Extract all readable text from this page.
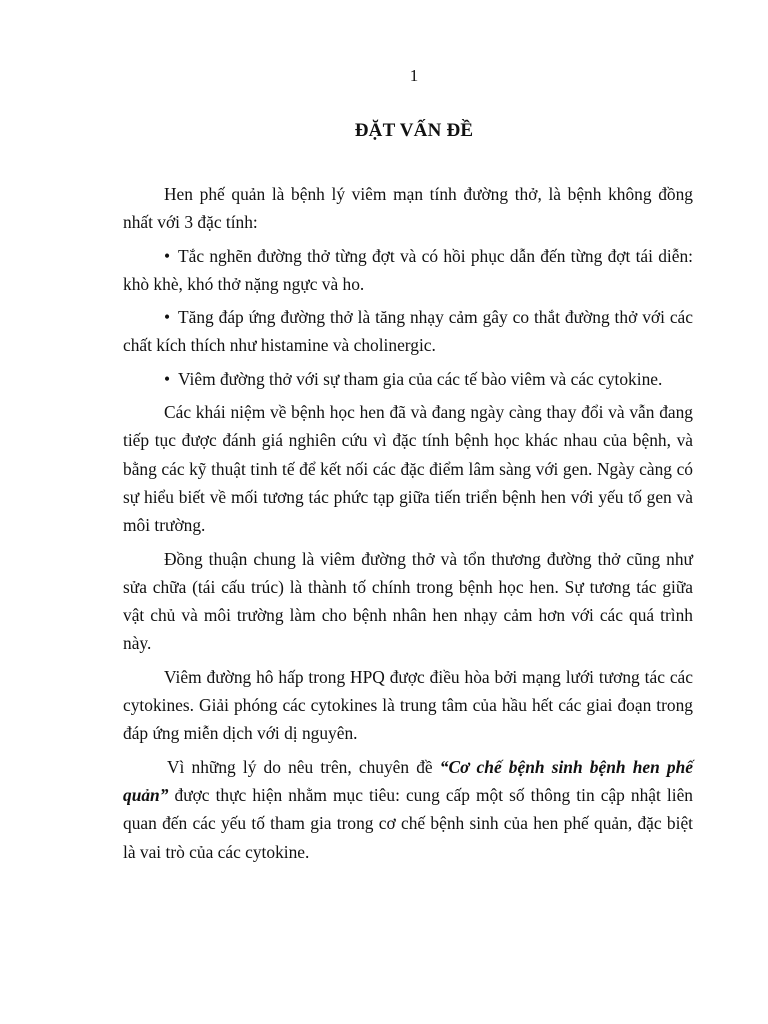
1
ĐẶT VẤN ĐỀ

Hen phế quản là bệnh lý viêm mạn tính đường thở, là bệnh không đồng nhất với 3 đặc tính:

• Tắc nghẽn đường thở từng đợt và có hồi phục dẫn đến từng đợt tái diễn: khò khè, khó thở nặng ngực và ho.

• Tăng đáp ứng đường thở là tăng nhạy cảm gây co thắt đường thở với các chất kích thích như histamine và cholinergic.

• Viêm đường thở với sự tham gia của các tế bào viêm và các cytokine.

Các khái niệm về bệnh học hen đã và đang ngày càng thay đổi và vẫn đang tiếp tục được đánh giá nghiên cứu vì đặc tính bệnh học khác nhau của bệnh, và bằng các kỹ thuật tinh tế để kết nối các đặc điểm lâm sàng với gen. Ngày càng có sự hiểu biết về mối tương tác phức tạp giữa tiến triển bệnh hen với yếu tố gen và môi trường.

Đồng thuận chung là viêm đường thở và tổn thương đường thở cũng như sửa chữa (tái cấu trúc) là thành tố chính trong bệnh học hen. Sự tương tác giữa vật chủ và môi trường làm cho bệnh nhân hen nhạy cảm hơn với các quá trình này.

Viêm đường hô hấp trong HPQ được điều hòa bởi mạng lưới tương tác các cytokines. Giải phóng các cytokines là trung tâm của hầu hết các giai đoạn trong đáp ứng miễn dịch với dị nguyên.

Vì những lý do nêu trên, chuyên đề “Cơ chế bệnh sinh bệnh hen phế quản” được thực hiện nhằm mục tiêu: cung cấp một số thông tin cập nhật liên quan đến các yếu tố tham gia trong cơ chế bệnh sinh của hen phế quản, đặc biệt là vai trò của các cytokine.
